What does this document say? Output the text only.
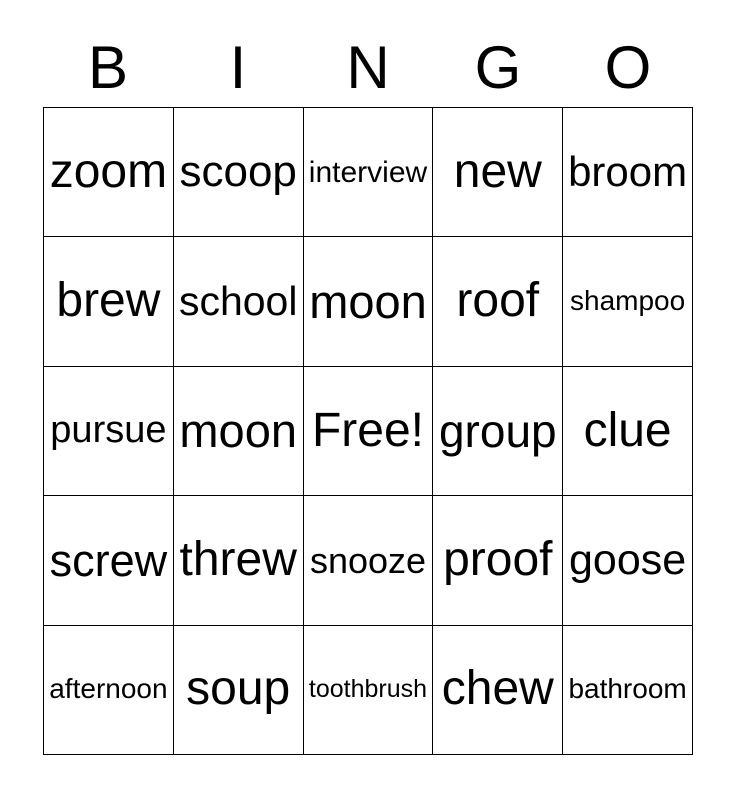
B	I	N	G	O
zoom	scoop	interview	new	broom
brew	school	moon	roof	shampoo
pursue	moon	Free!	group	clue
screw	threw	snooze	proof	goose
afternoon	soup	toothbrush	chew	bathroom
